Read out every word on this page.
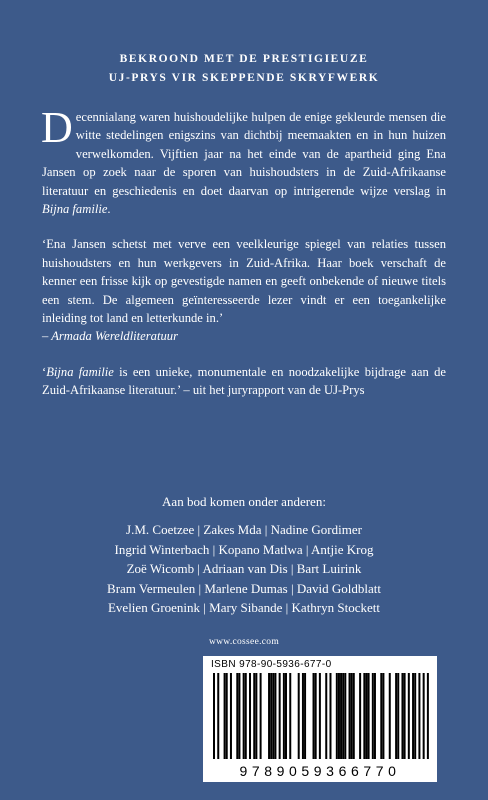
BEKROOND MET DE PRESTIGIEUZE
UJ-PRYS VIR SKEPPENDE SKRYFWERK

Decennialang waren huishoudelijke hulpen de enige gekleurde mensen die witte stedelingen enigszins van dichtbij meemaakten en in hun huizen verwelkomden. Vijftien jaar na het einde van de apartheid ging Ena Jansen op zoek naar de sporen van huishoudsters in de Zuid-Afrikaanse literatuur en geschiedenis en doet daarvan op intrigerende wijze verslag in Bijna familie.

‘Ena Jansen schetst met verve een veelkleurige spiegel van relaties tussen huishoudsters en hun werkgevers in Zuid-Afrika. Haar boek verschaft de kenner een frisse kijk op gevestigde namen en geeft onbekende of nieuwe titels een stem. De algemeen geïnteresseerde lezer vindt er een toegankelijke inleiding tot land en letterkunde in.’
– Armada Wereldliteratuur

‘Bijna familie is een unieke, monumentale en noodzakelijke bijdrage aan de Zuid-Afrikaanse literatuur.’ – uit het juryrapport van de UJ-Prys

Aan bod komen onder anderen:
J.M. Coetzee | Zakes Mda | Nadine Gordimer
Ingrid Winterbach | Kopano Matlwa | Antjie Krog
Zoë Wicomb | Adriaan van Dis | Bart Luirink
Bram Vermeulen | Marlene Dumas | David Goldblatt
Evelien Groenink | Mary Sibande | Kathryn Stockett
www.cossee.com
ISBN 978-90-5936-677-0
9789059366770
